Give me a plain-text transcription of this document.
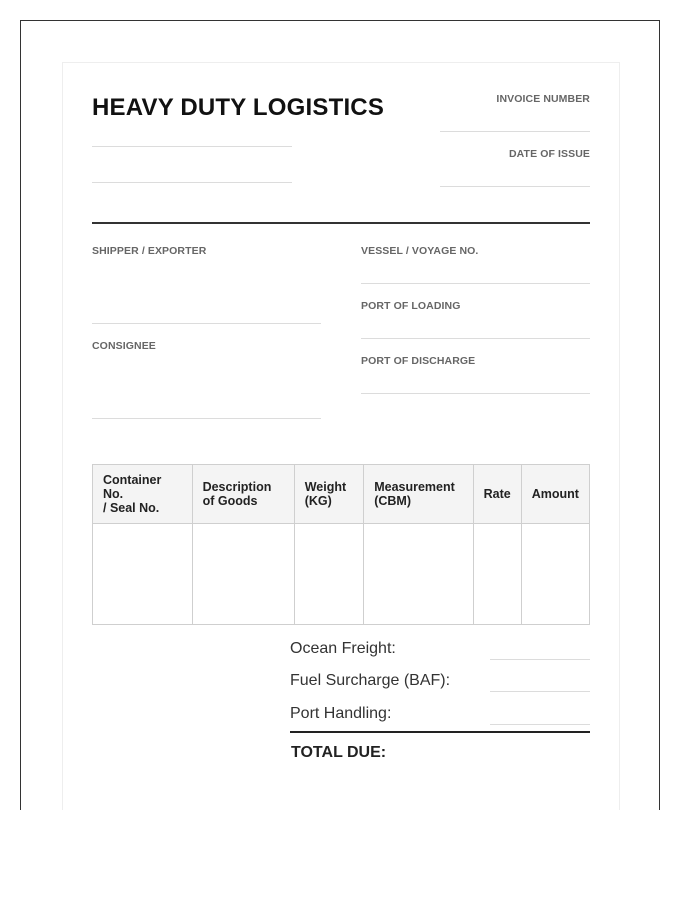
HEAVY DUTY LOGISTICS	INVOICE NUMBER
DATE OF ISSUE
SHIPPER / EXPORTER
CONSIGNEE
VESSEL / VOYAGE NO.
PORT OF LOADING
PORT OF DISCHARGE
Container No.
/ Seal No.	Description of Goods	Weight (KG)	Measurement (CBM)	Rate	Amount

Ocean Freight:
Fuel Surcharge (BAF):
Port Handling:
TOTAL DUE:
